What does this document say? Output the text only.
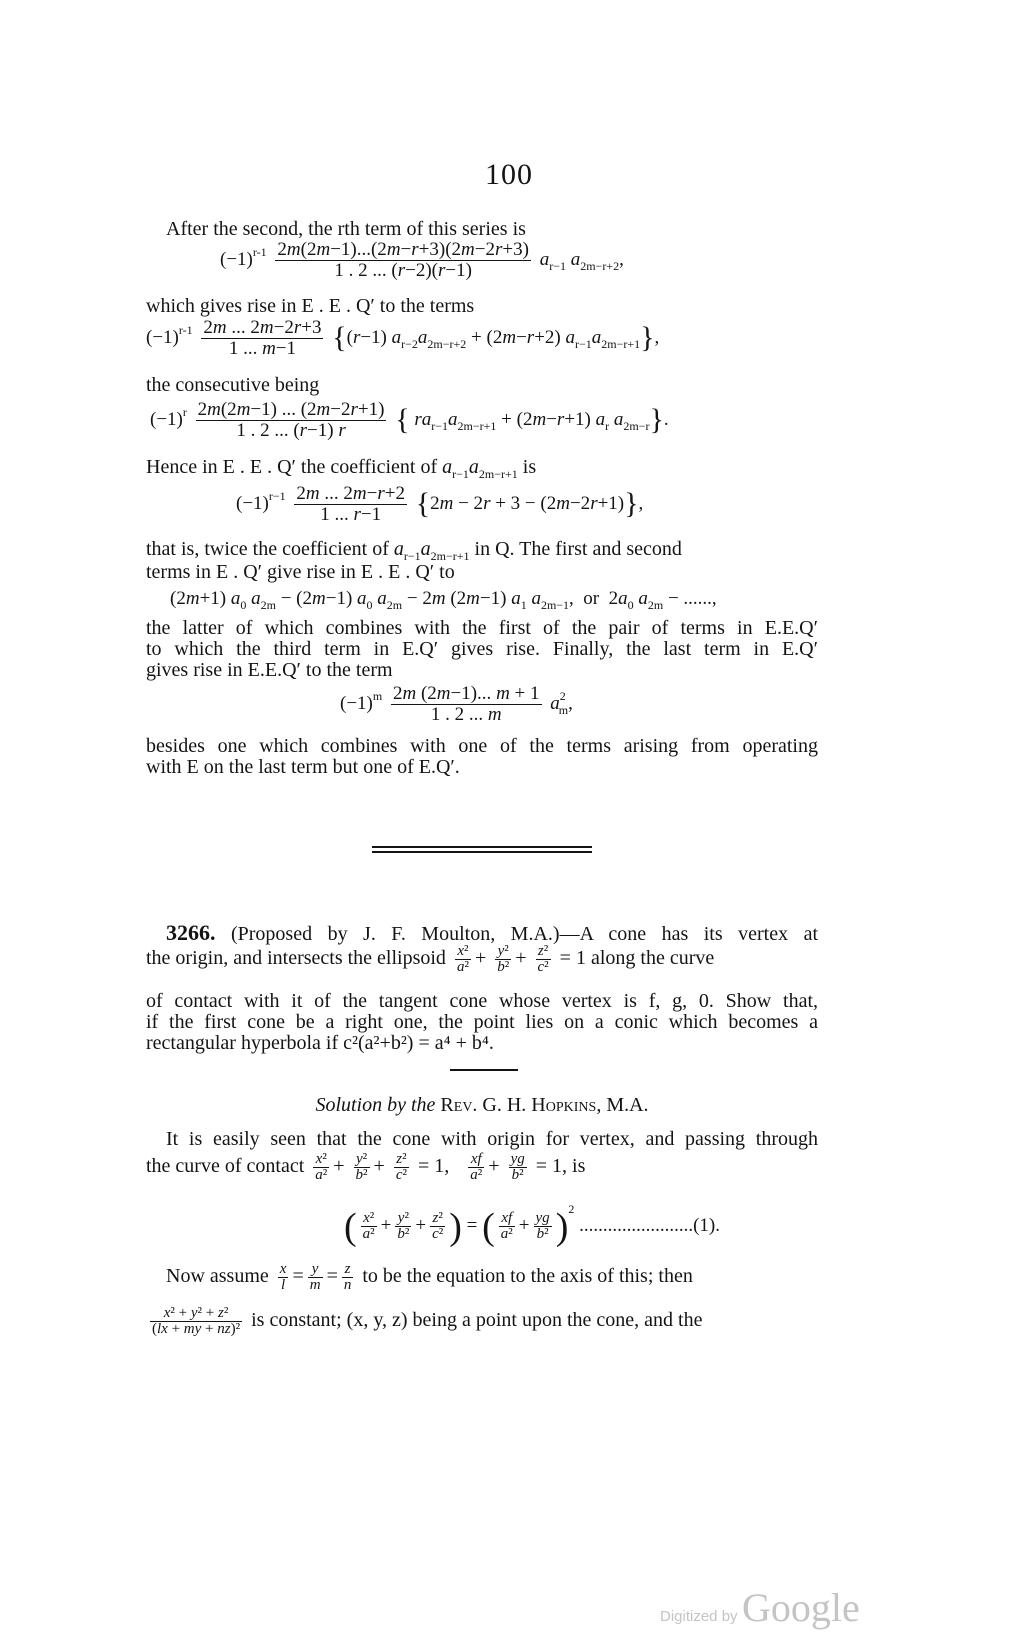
100
After the second, the rth term of this series is
$(-1)^{r-1} \frac{2m(2m-1)...(2m-r+3)(2m-2r+3)}{1 . 2 ... (r-2)(r-1)} a_{r-1}$ $a_{2m-r+2}$,
which gives rise in E . E . Q′ to the terms
$(-1)^{r-1} \frac{2m ... 2m-2r+3}{1 ... m-1} \{(r-1) a_{r-2}a_{2m-r+2} + (2m-r+2)$ $a_{r-1}a_{2m-r+1}$},
the consecutive being
$(-1)^r \frac{2m(2m-1) ... (2m-2r+1)}{1 . 2 ... (r-1) r}$ { $ra_{r-1}a_{2m-r+1} + (2m-r+1)$ $a_r$ $a_{2m-r}$}.
Hence in E . E . Q′ the coefficient of $a_{r-1}a_{2m-r+1}$ is
$(-1)^{r-1} \frac{2m ... 2m-r+2}{1 ... r-1} \{2m - 2r + 3 - (2m-2r+1)\}$,
that is, twice the coefficient of $a_{r-1}a_{2m-r+1}$ in Q. The first and second
terms in E . Q′ give rise in E . E . Q′ to
(2m+1) $a_0$ $a_{2m} - (2m-1)$ $a_0$ $a_{2m} - 2m$ (2m−1) $a_1$ $a_{2m-1}$,  or  $2a_0$ $a_{2m}$ − ......,
the latter of which combines with the first of the pair of terms in E.E.Q′
to which the third term in E.Q′ gives rise. Finally, the last term in E.Q′
gives rise in E.E.Q′ to the term
$(-1)^m \frac{2m (2m-1)... m + 1}{1 . 2 ... m} a^2_m$,
besides one which combines with one of the terms arising from operating
with E on the last term but one of E.Q′.
3266. (Proposed by J. F. Moulton, M.A.)—A cone has its vertex at
the origin, and intersects the ellipsoid $\frac{\text{x²}}{\text{a²}} + \frac{\text{y²}}{\text{b²}} + \frac{\text{z²}}{\text{c²}} = 1$ along the curve
of contact with it of the tangent cone whose vertex is f, g, 0. Show that,
if the first cone be a right one, the point lies on a conic which becomes a
rectangular hyperbola if c²(a²+b²) = a⁴ + b⁴.
Solution by the Rev. G. H. Hopkins, M.A.
It is easily seen that the cone with origin for vertex, and passing through
the curve of contact $\frac{\text{x²}}{\text{a²}} + \frac{\text{y²}}{\text{b²}} + \frac{\text{z²}}{\text{c²}} = 1$, $\frac{xf}{\text{a²}} + \frac{yg}{\text{b²}} = 1$, is
( $\frac{\text{x²}}{\text{a²}} + \frac{\text{y²}}{\text{b²}} + \frac{\text{z²}}{\text{c²}}$ ) = ( $\frac{xf}{\text{a²}} + \frac{yg}{\text{b²}} )^2$ ........................(1).
Now assume $\frac{x}{l} = \frac{y}{m} = \frac{z}{n}$ to be the equation to the axis of this; then
$\frac{\text{x² + y² + z²}}{\text{(lx + my + nz)²}}$ is constant; (x, y, z) being a point upon the cone, and the
Digitized by Google
